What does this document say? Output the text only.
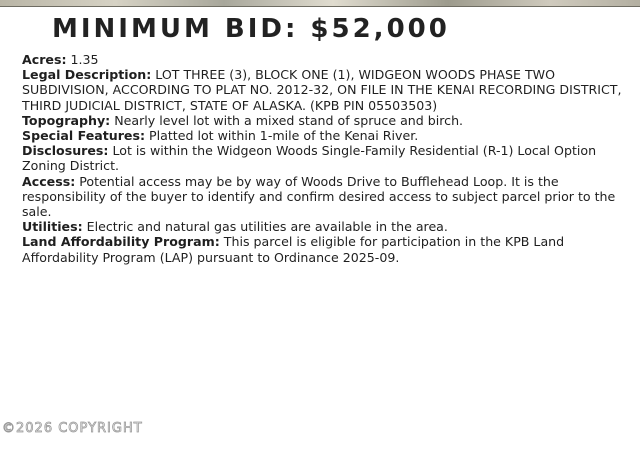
MINIMUM BID: $52,000

Acres: 1.35

Legal Description: LOT THREE (3), BLOCK ONE (1), WIDGEON WOODS PHASE TWO SUBDIVISION, ACCORDING TO PLAT NO. 2012-32, ON FILE IN THE KENAI RECORDING DISTRICT, THIRD JUDICIAL DISTRICT, STATE OF ALASKA. (KPB PIN 05503503)

Topography: Nearly level lot with a mixed stand of spruce and birch.

Special Features: Platted lot within 1-mile of the Kenai River.

Disclosures: Lot is within the Widgeon Woods Single-Family Residential (R-1) Local Option Zoning District.

Access: Potential access may be by way of Woods Drive to Bufflehead Loop. It is the responsibility of the buyer to identify and confirm desired access to subject parcel prior to the sale.

Utilities: Electric and natural gas utilities are available in the area.

Land Affordability Program: This parcel is eligible for participation in the KPB Land Affordability Program (LAP) pursuant to Ordinance 2025-09.

©2026 COPYRIGHT
